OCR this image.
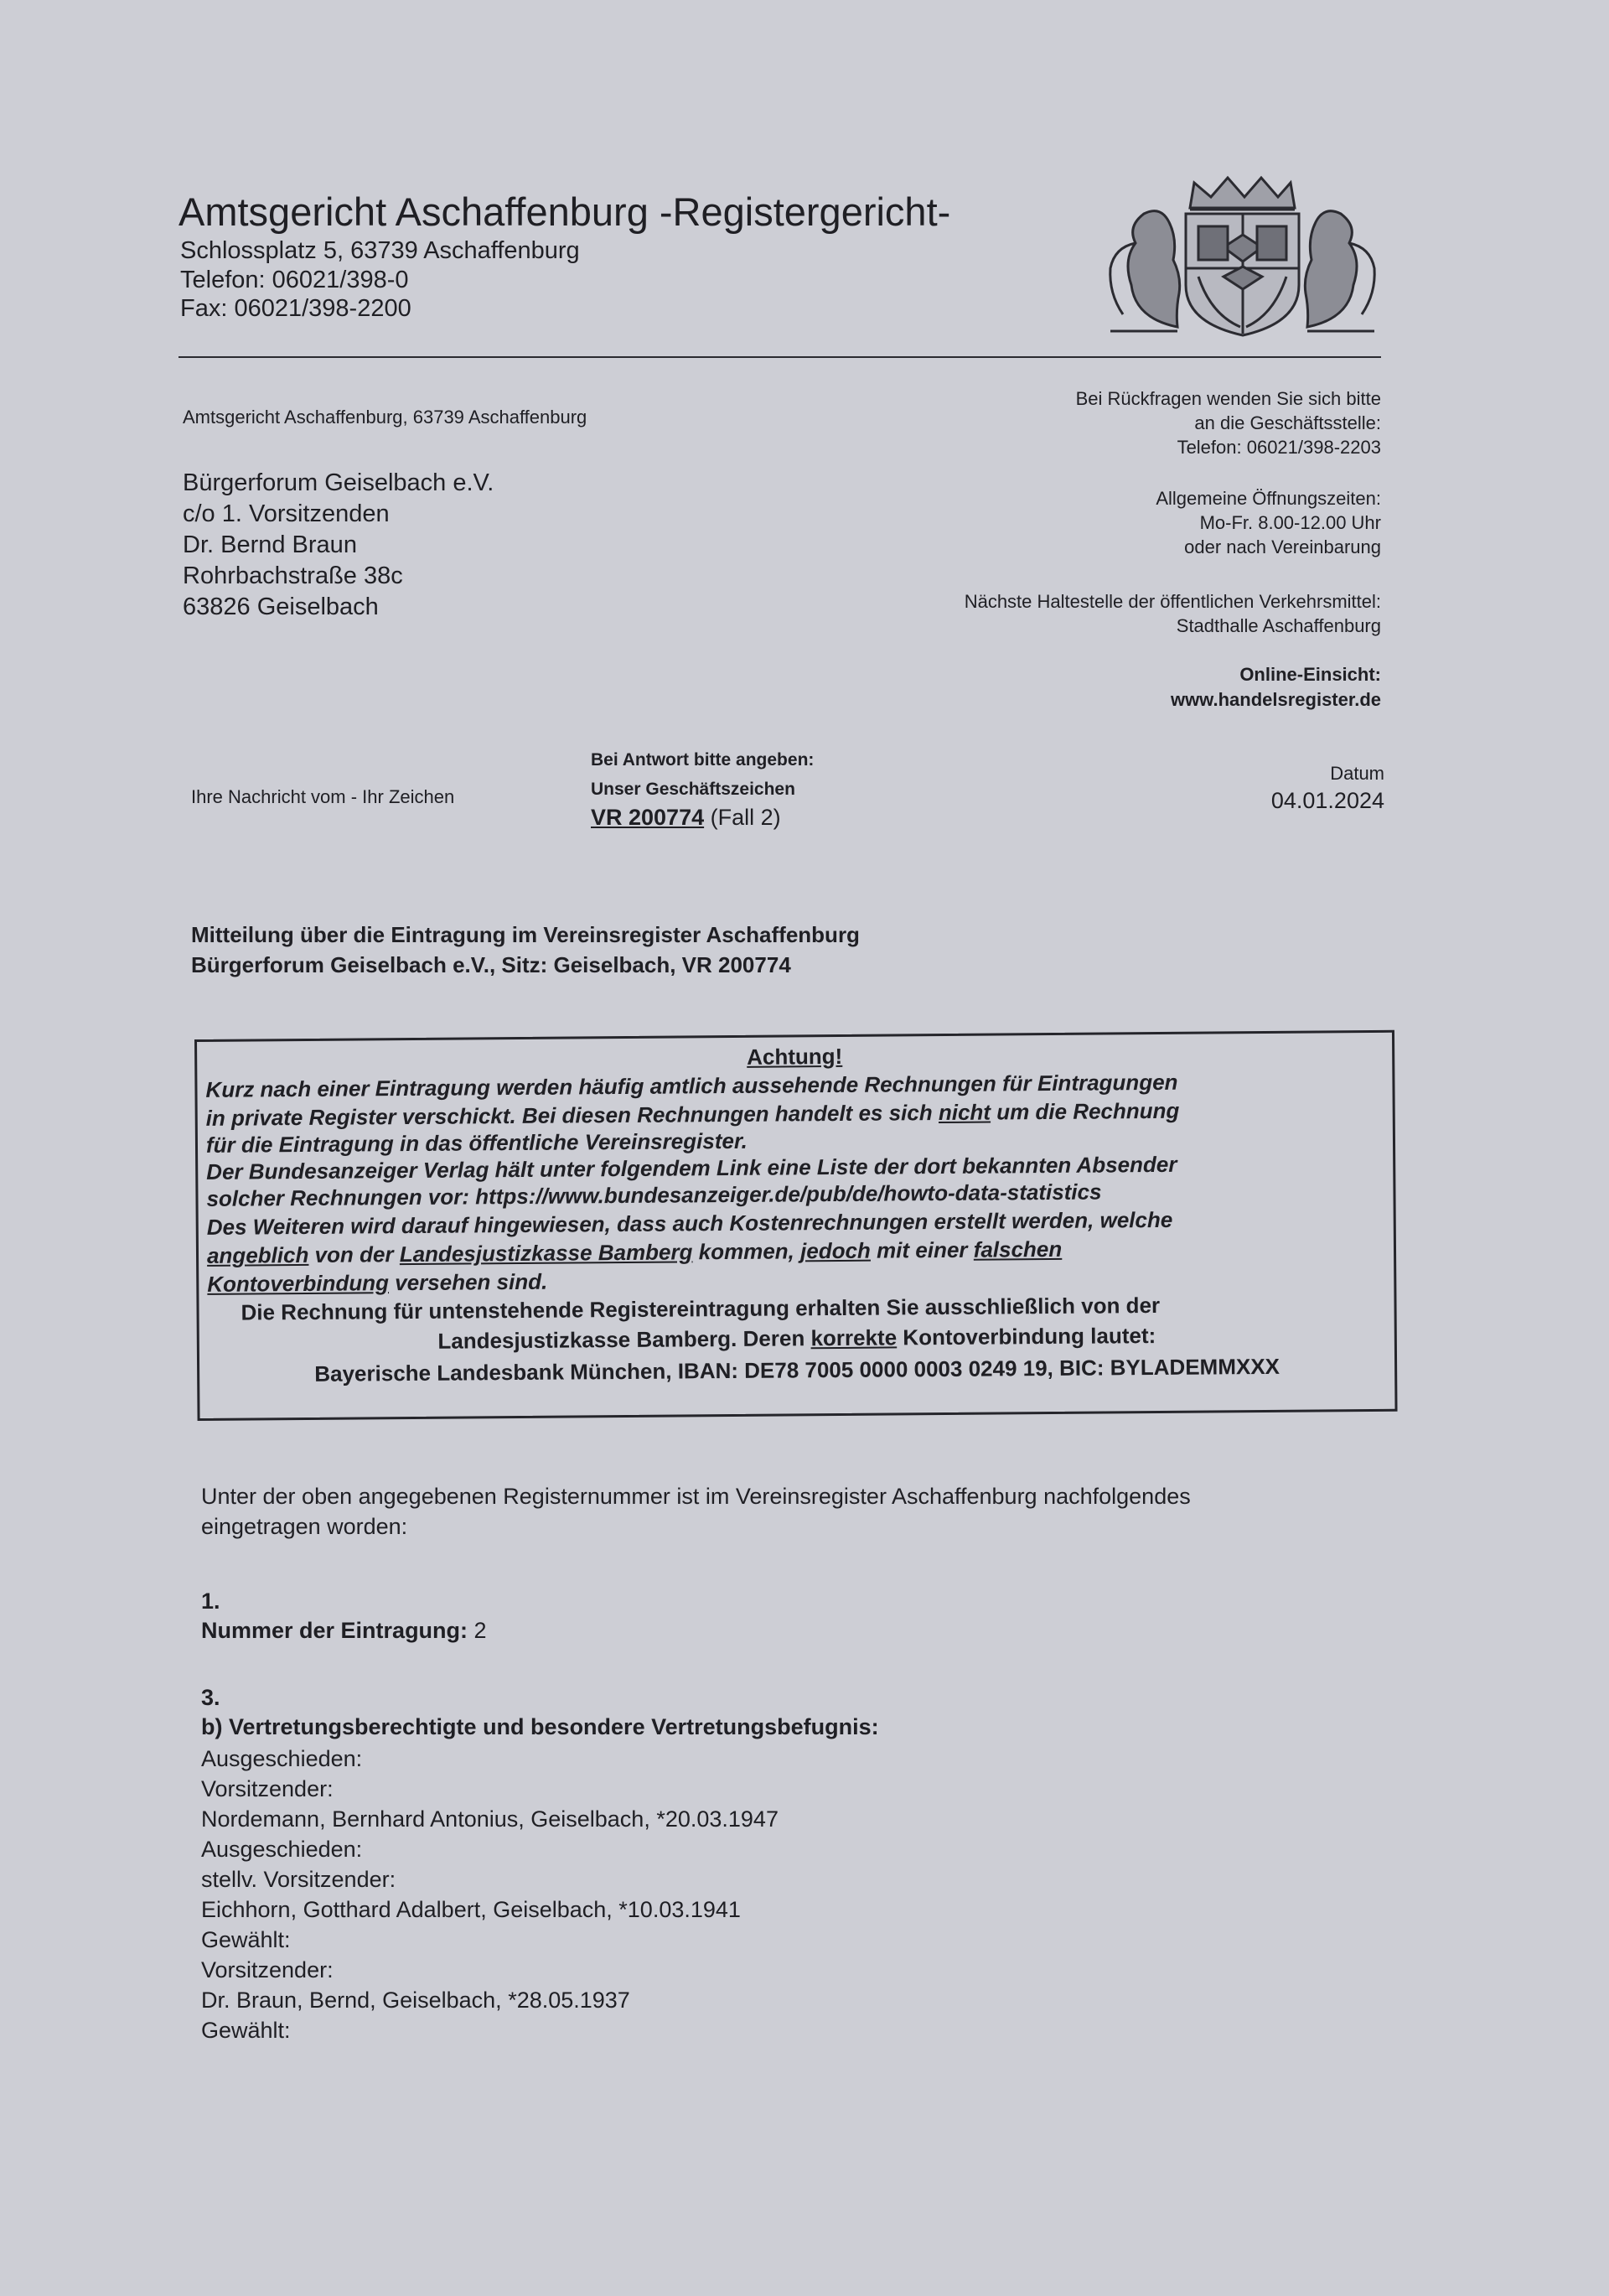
Amtsgericht Aschaffenburg -Registergericht-
Schlossplatz 5, 63739 Aschaffenburg
Telefon: 06021/398-0
Fax: 06021/398-2200
Amtsgericht Aschaffenburg, 63739 Aschaffenburg
Bürgerforum Geiselbach e.V.
c/o 1. Vorsitzenden
Dr. Bernd Braun
Rohrbachstraße 38c
63826 Geiselbach
Bei Rückfragen wenden Sie sich bitte
an die Geschäftsstelle:
Telefon: 06021/398-2203
Allgemeine Öffnungszeiten:
Mo-Fr. 8.00-12.00 Uhr
oder nach Vereinbarung
Nächste Haltestelle der öffentlichen Verkehrsmittel:
Stadthalle Aschaffenburg
Online-Einsicht:
www.handelsregister.de
Ihre Nachricht vom - Ihr Zeichen
Bei Antwort bitte angeben:
Unser Geschäftszeichen
VR 200774 (Fall 2)
Datum
04.01.2024
Mitteilung über die Eintragung im Vereinsregister Aschaffenburg
Bürgerforum Geiselbach e.V., Sitz: Geiselbach, VR 200774
Achtung!
Kurz nach einer Eintragung werden häufig amtlich aussehende Rechnungen für Eintragungen
in private Register verschickt. Bei diesen Rechnungen handelt es sich nicht um die Rechnung
für die Eintragung in das öffentliche Vereinsregister.
Der Bundesanzeiger Verlag hält unter folgendem Link eine Liste der dort bekannten Absender
solcher Rechnungen vor: https://www.bundesanzeiger.de/pub/de/howto-data-statistics
Des Weiteren wird darauf hingewiesen, dass auch Kostenrechnungen erstellt werden, welche
angeblich von der Landesjustizkasse Bamberg kommen, jedoch mit einer falschen
Kontoverbindung versehen sind.
Die Rechnung für untenstehende Registereintragung erhalten Sie ausschließlich von der
Landesjustizkasse Bamberg. Deren korrekte Kontoverbindung lautet:
Bayerische Landesbank München, IBAN: DE78 7005 0000 0003 0249 19, BIC: BYLADEMMXXX
Unter der oben angegebenen Registernummer ist im Vereinsregister Aschaffenburg nachfolgendes
eingetragen worden:
1.
Nummer der Eintragung: 2
3.
b) Vertretungsberechtigte und besondere Vertretungsbefugnis:
Ausgeschieden:
Vorsitzender:
Nordemann, Bernhard Antonius, Geiselbach, *20.03.1947
Ausgeschieden:
stellv. Vorsitzender:
Eichhorn, Gotthard Adalbert, Geiselbach, *10.03.1941
Gewählt:
Vorsitzender:
Dr. Braun, Bernd, Geiselbach, *28.05.1937
Gewählt:
